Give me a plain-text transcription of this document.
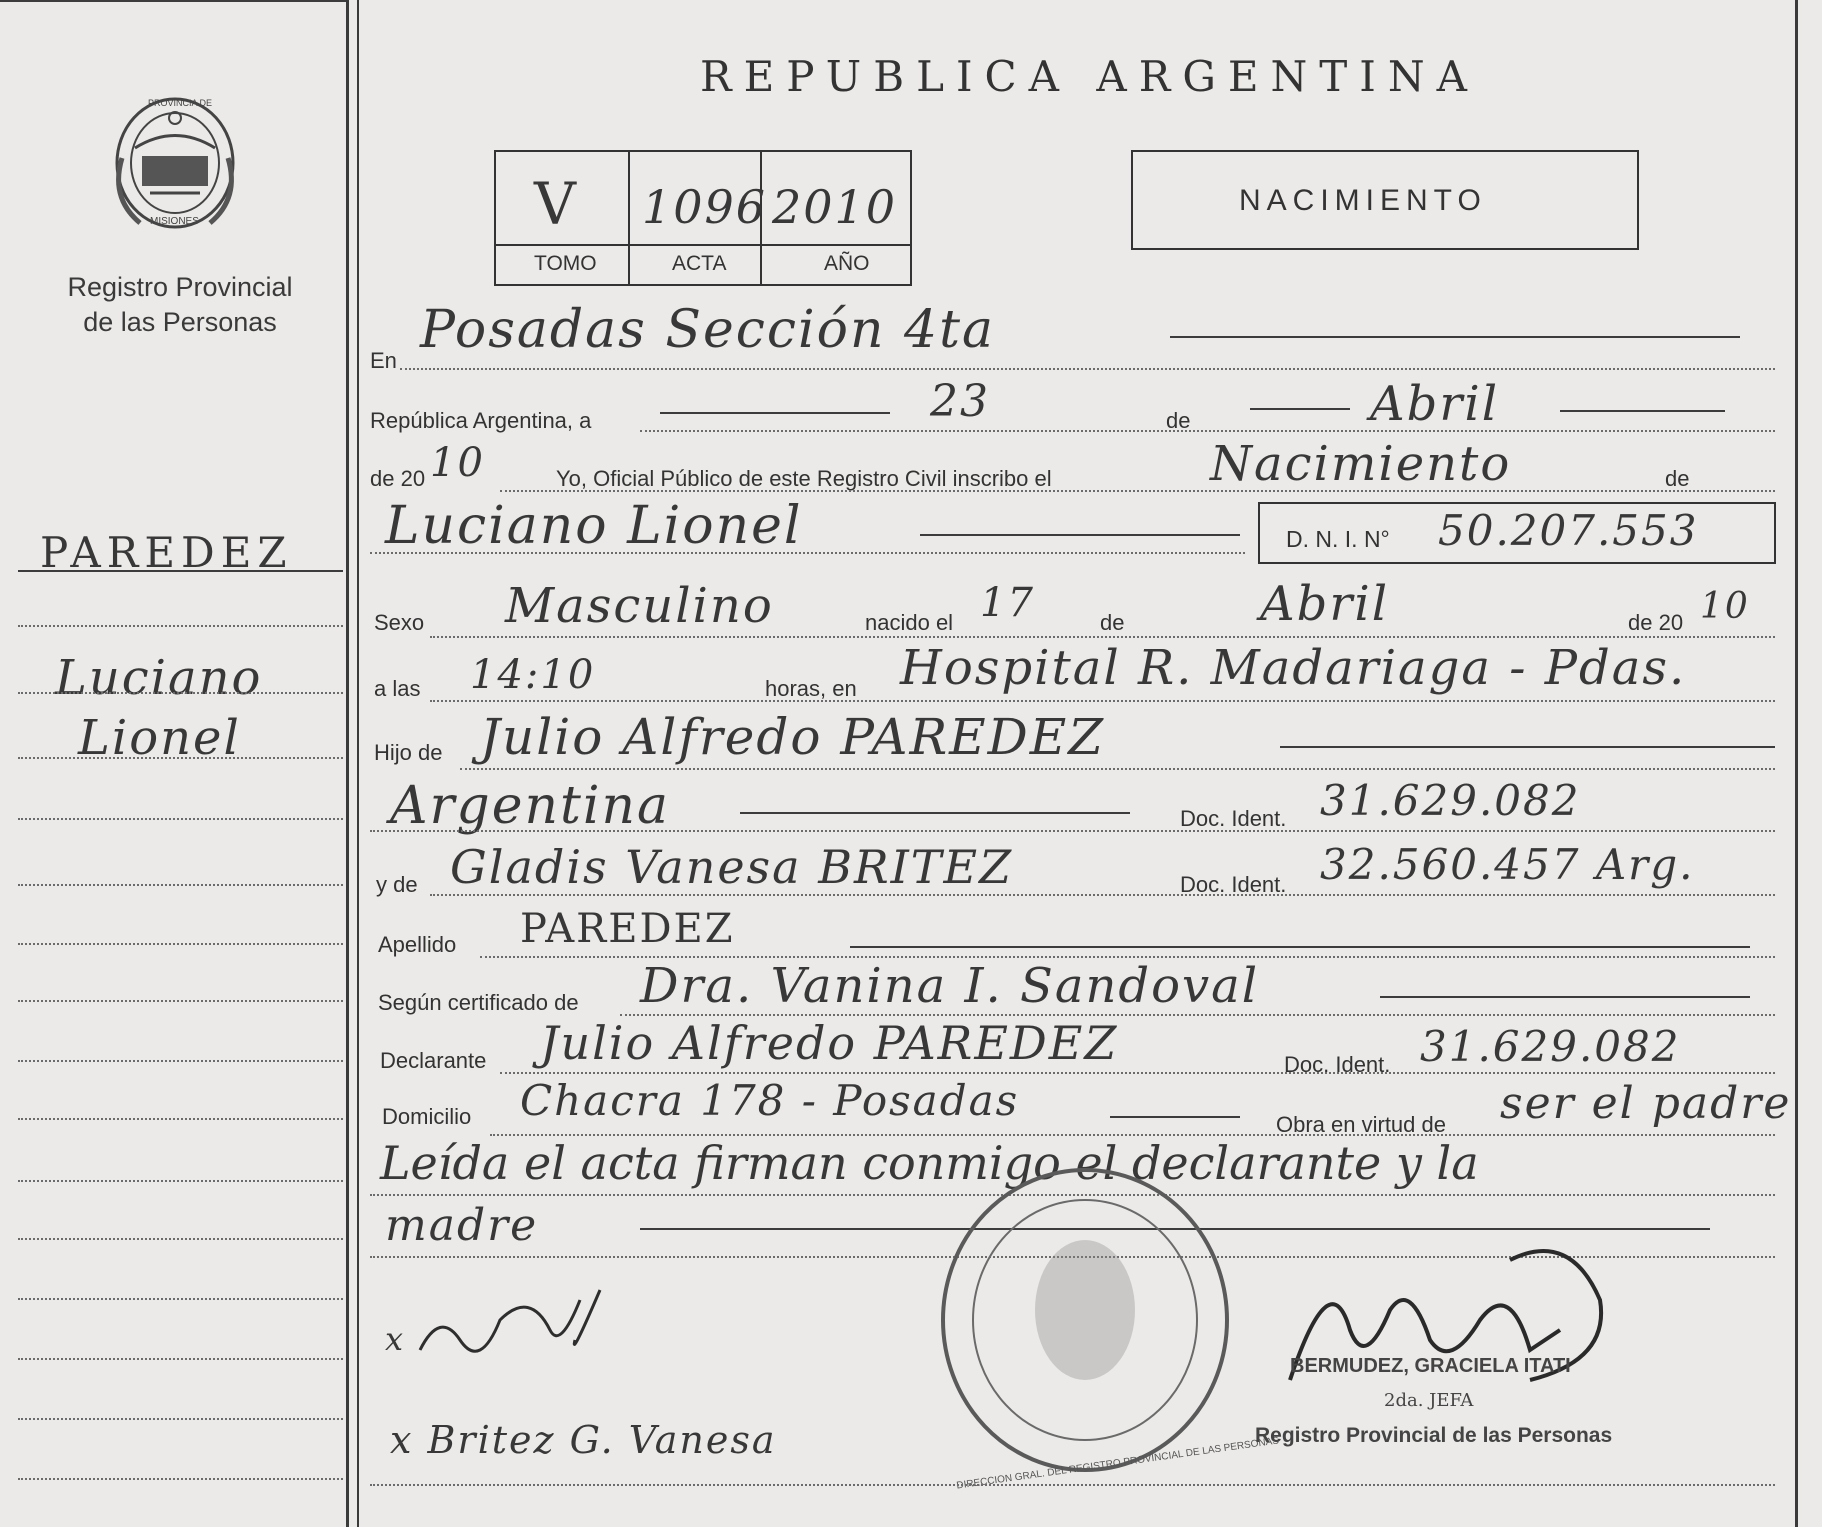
PROVINCIA DE
MISIONES
Registro Provincial
de las Personas
PAREDEZ
Luciano
Lionel
REPUBLICA ARGENTINA
V 1096 2010
TOMO	ACTA	AÑO
NACIMIENTO
En
Posadas Sección 4ta
República Argentina, a	23	de	Abril
de 20 10	Yo, Oficial Público de este Registro Civil inscribo el	Nacimiento	de
Luciano Lionel	D. N. I. N° 50.207.553
Sexo Masculino	nacido el 17	de	Abril	de 20 10
a las 14:10	horas, en Hospital R. Madariaga - Pdas.
Hijo de Julio Alfredo PAREDEZ
Argentina	Doc. Ident. 31.629.082
y de Gladis Vanesa BRITEZ	Doc. Ident. 32.560.457 Arg.
Apellido PAREDEZ
Según certificado de Dra. Vanina I. Sandoval
Declarante Julio Alfredo PAREDEZ	Doc. Ident. 31.629.082
Domicilio Chacra 178 - Posadas	Obra en virtud de ser el padre
Leída el acta firman conmigo el declarante y la
madre
x
x Britez G. Vanesa	DIRECCION GRAL. DEL REGISTRO PROVINCIAL DE LAS PERSONAS
BERMUDEZ, GRACIELA ITATI
2da. JEFA
Registro Provincial de las Personas
